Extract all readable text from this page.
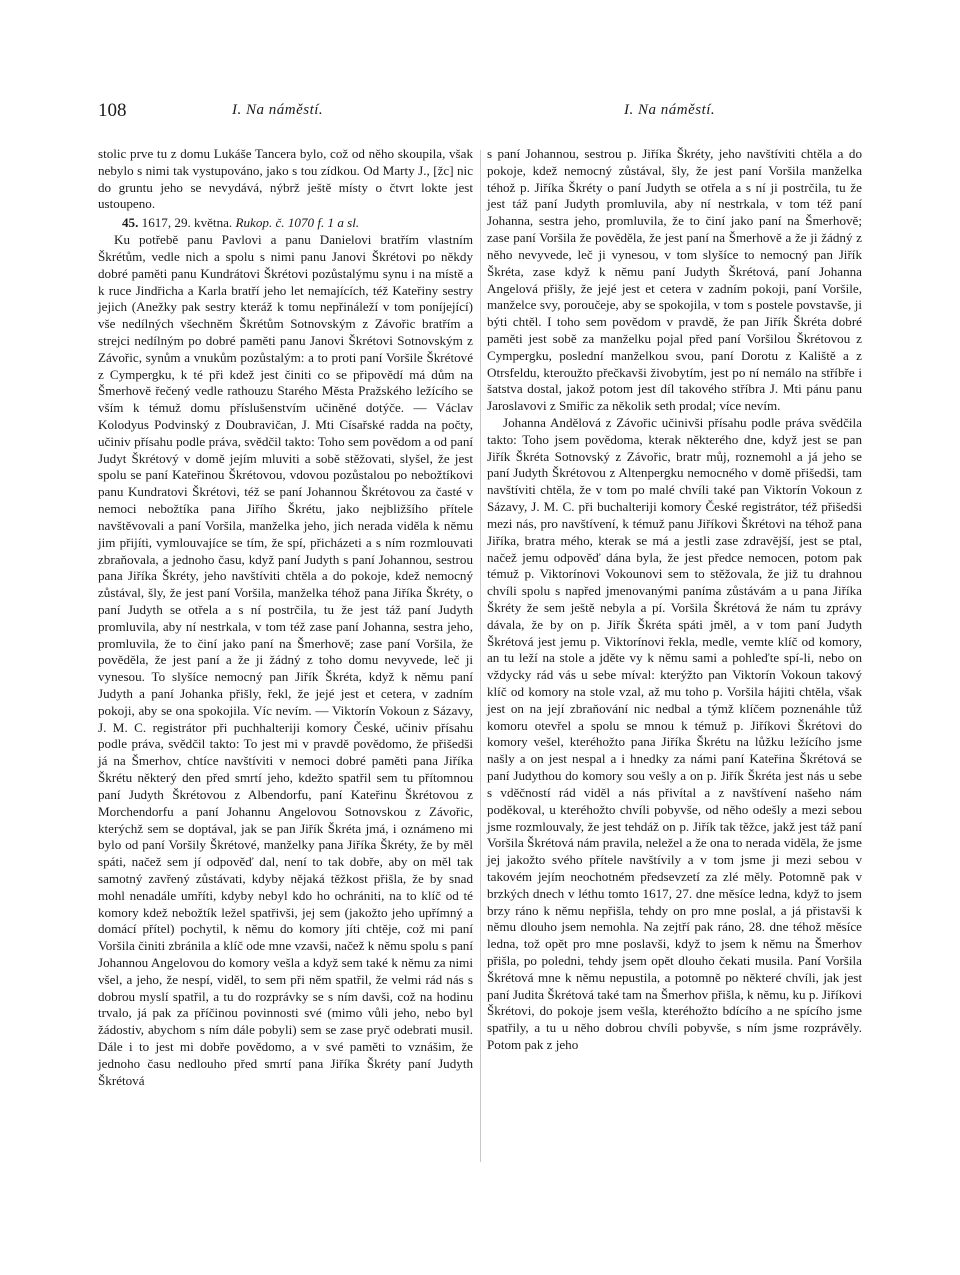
108	I. Na náměstí.	I. Na náměstí.

stolic prve tu z domu Lukáše Tancera bylo, což od něho skoupila, však nebylo s nimi tak vystupováno, jako s tou zídkou. Od Marty J., [žc] nic do gruntu jeho se nevydává, nýbrž ještě místy o čtvrt lokte jest ustoupeno.

45. 1617, 29. května. Rukop. č. 1070 f. 1 a sl.

Ku potřebě panu Pavlovi a panu Danielovi bratřím vlastním Škrétům, vedle nich a spolu s nimi panu Janovi Škrétovi po někdy dobré paměti panu Kundrátovi Škrétovi pozůstalýmu synu i na místě a k ruce Jindřicha a Karla bratří jeho let nemajících, též Kateřiny sestry jejich (Anežky pak sestry kteráž k tomu nepřináleží v tom poníjející) vše nedílných všechněm Škrétům Sotnovským z Závořic bratřím a strejci nedílným po dobré paměti panu Janovi Škrétovi Sotnovským z Závořic, synům a vnukům pozůstalým: a to proti paní Voršile Škrétové z Cympergku, k té při kdež jest činiti co se připovědí má dům na Šmerhově řečený vedle rathouzu Starého Města Pražského ležícího se vším k témuž domu příslušenstvím učiněné dotýče. — Václav Kolodyus Podvinský z Doubravičan, J. Mti Císařské radda na počty, učiniv přísahu podle práva, svědčil takto: Toho sem povědom a od paní Judyt Škrétový v domě jejím mluviti a sobě stěžovati, slyšel, že jest spolu se paní Kateřinou Škrétovou, vdovou pozůstalou po nebožtíkovi panu Kundratovi Škrétovi, též se paní Johannou Škrétovou za časté v nemoci nebožtíka pana Jiřího Škrétu, jako nejbližšího přítele navštěvovali a paní Voršila, manželka jeho, jich nerada viděla k němu jim přijíti, vymlouvajíce se tím, že spí, přicházeti a s ním rozmlouvati zbraňovala, a jednoho času, když paní Judyth s paní Johannou, sestrou pana Jiříka Škréty, jeho navštíviti chtěla a do pokoje, kdež nemocný zůstával, šly, že jest paní Voršila, manželka téhož pana Jiříka Škréty, o paní Judyth se otřela a s ní postrčila, tu že jest táž paní Judyth promluvila, aby ní nestrkala, v tom též zase paní Johanna, sestra jeho, promluvila, že to činí jako paní na Šmerhově; zase paní Voršila, že pověděla, že jest paní a že ji žádný z toho domu nevyvede, leč ji vynesou. To slyšíce nemocný pan Jiřík Škréta, když k němu paní Judyth a paní Johanka přišly, řekl, že jejé jest et cetera, v zadním pokoji, aby se ona spokojila. Víc nevím. — Viktorín Vokoun z Sázavy, J. M. C. registrátor při puchhalteriji komory České, učiniv přísahu podle práva, svědčil takto: To jest mi v pravdě povědomo, že přišedši já na Šmerhov, chtíce navštíviti v nemoci dobré paměti pana Jiříka Škrétu některý den před smrtí jeho, kdežto spatřil sem tu přítomnou paní Judyth Škrétovou z Albendorfu, paní Kateřinu Škrétovou z Morchendorfu a paní Johannu Angelovou Sotnovskou z Závořic, kterýchž sem se doptával, jak se pan Jiřík Škréta jmá, i oznámeno mi bylo od paní Voršily Škrétové, manželky pana Jiříka Škréty, že by měl spáti, načež sem jí odpověď dal, není to tak dobře, aby on měl tak samotný zavřený zůstávati, kdyby nějaká těžkost přišla, že by snad mohl nenadále umříti, kdyby nebyl kdo ho ochrániti, na to klíč od té komory kdež nebožtík ležel spatřivši, jej sem (jakožto jeho upřímný a domácí přítel) pochytil, k němu do komory jíti chtěje, což mi paní Voršila činiti zbránila a klíč ode mne vzavši, načež k němu spolu s paní Johannou Angelovou do komory vešla a když sem také k němu za nimi všel, a jeho, že nespí, viděl, to sem při něm spatřil, že velmi rád nás s dobrou myslí spatřil, a tu do rozprávky se s ním davši, což na hodinu trvalo, já pak za příčinou povinnosti své (mimo vůli jeho, nebo byl žádostiv, abychom s ním dále pobyli) sem se zase pryč odebrati musil. Dále i to jest mi dobře povědomo, a v své paměti to vznášim, že jednoho času nedlouho před smrtí pana Jiříka Škréty paní Judyth Škrétová

s paní Johannou, sestrou p. Jiříka Škréty, jeho navštíviti chtěla a do pokoje, kdež nemocný zůstával, šly, že jest paní Voršila manželka téhož p. Jiříka Škréty o paní Judyth se otřela a s ní ji postrčila, tu že jest táž paní Judyth promluvila, aby ní nestrkala, v tom též paní Johanna, sestra jeho, promluvila, že to činí jako paní na Šmerhově; zase paní Voršila že pověděla, že jest paní na Šmerhově a že ji žádný z něho nevyvede, leč ji vynesou, v tom slyšíce to nemocný pan Jiřík Škréta, zase když k němu paní Judyth Škrétová, paní Johanna Angelová přišly, že jejé jest et cetera v zadním pokoji, paní Voršile, manželce svy, poroučeje, aby se spokojila, v tom s postele povstavše, ji býti chtěl. I toho sem povědom v pravdě, že pan Jiřík Škréta dobré paměti jest sobě za manželku pojal před paní Voršilou Škrétovou z Cympergku, poslední manželkou svou, paní Dorotu z Kaliště a z Otrsfeldu, kteroužto přečkavši živobytím, jest po ní nemálo na stříbře i šatstva dostal, jakož potom jest díl takového stříbra J. Mti pánu panu Jaroslavovi z Smiřic za několik seth prodal; více nevím.

Johanna Andělová z Závořic učinivši přísahu podle práva svědčila takto: Toho jsem povědoma, kterak některého dne, když jest se pan Jiřík Škréta Sotnovský z Závořic, bratr můj, roznemohl a já jeho se paní Judyth Škrétovou z Altenpergku nemocného v domě přišedši, tam navštíviti chtěla, že v tom po malé chvíli také pan Viktorín Vokoun z Sázavy, J. M. C. při buchalteriji komory České registrátor, též přišedši mezi nás, pro navštívení, k témuž panu Jiříkovi Škrétovi na téhož pana Jiříka, bratra mého, kterak se má a jestli zase zdravější, jest se ptal, načež jemu odpověď dána byla, že jest předce nemocen, potom pak témuž p. Viktorínovi Vokounovi sem to stěžovala, že již tu drahnou chvíli spolu s napřed jmenovanými paníma zůstávám a u pana Jiříka Škréty že sem ještě nebyla a pí. Voršila Škrétová že nám tu zprávy dávala, že by on p. Jiřík Škréta spáti jměl, a v tom paní Judyth Škrétová jest jemu p. Viktorínovi řekla, medle, vemte klíč od komory, an tu leží na stole a jděte vy k němu sami a pohleďte spí-li, nebo on vždycky rád vás u sebe míval: kterýžto pan Viktorín Vokoun takový klíč od komory na stole vzal, až mu toho p. Voršila hájiti chtěla, však jest on na její zbraňování nic nedbal a týmž klíčem poznenáhle tůž komoru otevřel a spolu se mnou k témuž p. Jiříkovi Škrétovi do komory vešel, kteréhožto pana Jiříka Škrétu na lůžku ležícího jsme našly a on jest nespal a i hnedky za námi paní Kateřina Škrétová se paní Judythou do komory sou vešly a on p. Jiřík Škréta jest nás u sebe s vděčností rád viděl a nás přivítal a z navštívení našeho nám poděkoval, u kteréhožto chvíli pobyvše, od něho odešly a mezi sebou jsme rozmlouvaly, že jest tehdáž on p. Jiřík tak těžce, jakž jest táž paní Voršila Škrétová nám pravila, neležel a že ona to nerada viděla, že jsme jej jakožto svého přítele navštívily a v tom jsme ji mezi sebou v takovém jejím neochotném předsevzetí za zlé měly. Potomně pak v brzkých dnech v léthu tomto 1617, 27. dne měsíce ledna, když to jsem brzy ráno k němu nepřišla, tehdy on pro mne poslal, a já přistavši k němu dlouho jsem nemohla. Na zejtří pak ráno, 28. dne téhož měsíce ledna, tož opět pro mne poslavši, když to jsem k němu na Šmerhov přišla, po poledni, tehdy jsem opět dlouho čekati musila. Paní Voršila Škrétová mne k němu nepustila, a potomně po některé chvíli, jak jest paní Judita Škrétová také tam na Šmerhov přišla, k němu, ku p. Jiříkovi Škrétovi, do pokoje jsem vešla, kteréhožto bdícího a ne spícího jsme spatřily, a tu u něho dobrou chvíli pobyvše, s ním jsme rozprávěly. Potom pak z jeho
